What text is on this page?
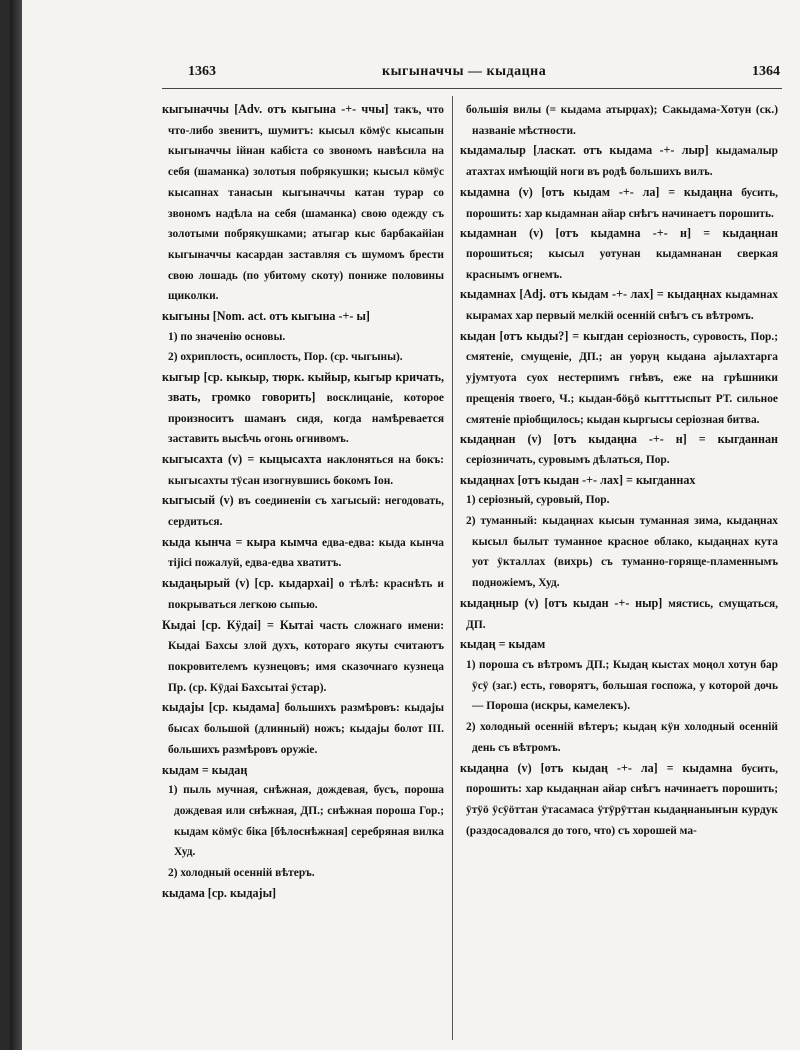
1363	кыгыначчы — кыдацна	1364

кыгыначчы [Adv. отъ кыгына -+- ччы] такъ, что что-либо звенитъ, шумитъ: кысыл кӧмӱс кысапын кыгыначчы ійнан кабіста со звономъ навѣсила на себя (шаманка) золотыя побрякушки; кысыл кӧмӱс кысапнах танасын кыгыначчы катан турар со звономъ надѣла на себя (шаманка) свою одежду съ золотыми побрякушками; атыгар кыс барбакайіан кыгыначчы касардан заставляя съ шумомъ брести свою лошадь (по убитому скоту) пониже половины щиколки.

кыгыны [Nom. act. отъ кыгына -+- ы]

1) по значенію основы.

2) охриплость, осиплость, Пор. (ср. чыгыны).

кыгыр [ср. кыкыр, тюрк. кыйыр, кыгыр кричать, звать, громко говорить] восклицаніе, которое произноситъ шаманъ сидя, когда намѣревается заставить высѣчь огонь огнивомъ.

кыгысахта (v) = кыцысахта наклоняться на бокъ: кыгысахты тӱсан изогнувшись бокомъ Іон.

кыгысый (v) въ соединеніи съ хагысый: негодовать, сердиться.

кыда кынча = кыра кымча едва-едва: кыда кынча тіjісі пожалуй, едва-едва хватитъ.

кыдаңырый (v) [ср. кыдархаі] о тѣлѣ: краснѣть и покрываться легкою сыпью.

Кыдаі [ср. Кӱдаі] = Кытаі часть сложнаго имени: Кыдаі Бахсы злой духъ, котораго якуты считаютъ покровителемъ кузнецовъ; имя сказочнаго кузнеца Пр. (ср. Кӱдаі Бахсытаі ӱстар).

кыдаjы [ср. кыдама] большихъ размѣровъ: кыдаjы бысах большой (длинный) ножъ; кыдаjы болот ІІІ. большихъ размѣровъ оружіе.

кыдам = кыдаң

1) пыль мучная, снѣжная, дождевая, бусъ, пороша дождевая или снѣжная, ДП.; снѣжная пороша Гор.; кыдам кӧмӱс біка [бѣлоснѣжная] серебряная вилка Худ.

2) холодный осенній вѣтеръ.

кыдама [ср. кыдаjы]

большія вилы (= кыдама атырџах); Сакыдама-Хотун (ск.) названіе мѣстности.

кыдамалыр [ласкат. отъ кыдама -+- лыр] кыдамалыр атахтах имѣющій ноги въ родѣ большихъ вилъ.

кыдамна (v) [отъ кыдам -+- ла] = кыдаңна бусить, порошить: хар кыдамнан айар снѣгъ начинаетъ порошить.

кыдамнан (v) [отъ кыдамна -+- н] = кыдаңнан порошиться; кысыл уотунан кыдамнанан сверкая краснымъ огнемъ.

кыдамнах [Adj. отъ кыдам -+- лах] = кыдаңнах кыдамнах кырамах хар первый мелкій осенній снѣгъ съ вѣтромъ.

кыдан [отъ кыды?] = кыгдан серіозность, суровость, Пор.; смятеніе, смущеніе, ДП.; ан уоруң кыдана аjылахтарга уjумтуота суох нестерпимъ гнѣвъ, еже на грѣшники прещенія твоего, Ч.; кыдан-бӧҕӧ кытттыспыт РТ. сильное смятеніе пріобщилось; кыдан кыргысы серіозная битва.

кыдаңнан (v) [отъ кыдаңна -+- н] = кыгданнан серіозничать, суровымъ дѣлаться, Пор.

кыдаңнах [отъ кыдан -+- лах] = кыгданнах

1) серіозный, суровый, Пор.

2) туманный: кыдаңнах кысын туманная зима, кыдаңнах кысыл былыт туманное красное облако, кыдаңнах кута уот ӱкталлах (вихрь) съ туманно-горяще-пламеннымъ подножіемъ, Худ.

кыдаңныр (v) [отъ кыдан -+- ныр] мястись, смущаться, ДП.

кыдаң = кыдам

1) пороша съ вѣтромъ ДП.; Кыдаң кыстах моңол хотун бар ӱсӱ (заг.) есть, говорятъ, большая госпожа, у которой дочь — Пороша (искры, камелекъ).

2) холодный осенній вѣтеръ; кыдаң кӱн холодный осенній день съ вѣтромъ.

кыдаңна (v) [отъ кыдаң -+- ла] = кыдамна бусить, порошить: хар кыдаңнан айар снѣгъ начинаетъ порошить; ӱтӱӧ ӱсӱӧттан ӱтасамаса ӱтӱрӱттан кыдаңнаныҥын курдук (раздосадовался до того, что) съ хорошей ма-
